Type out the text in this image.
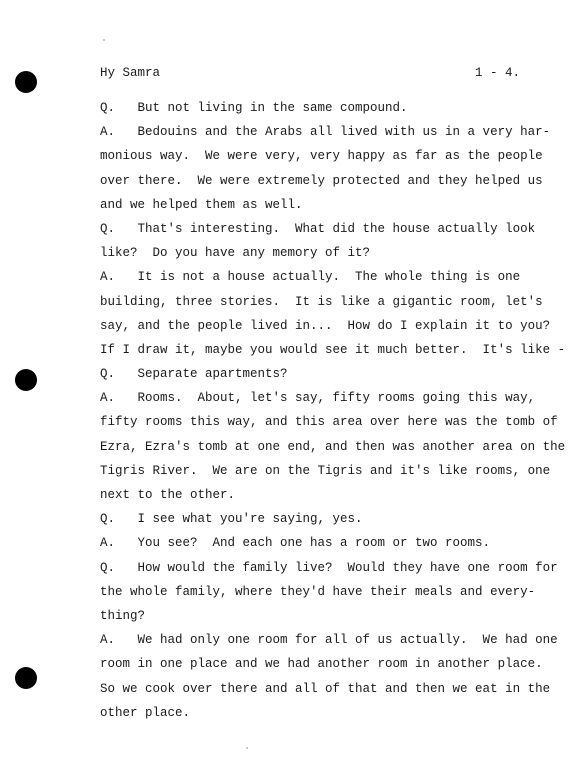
Hy Samra	1 - 4.
Q.   But not living in the same compound.
A.   Bedouins and the Arabs all lived with us in a very har-
monious way.  We were very, very happy as far as the people
over there.  We were extremely protected and they helped us
and we helped them as well.
Q.   That's interesting.  What did the house actually look
like?  Do you have any memory of it?
A.   It is not a house actually.  The whole thing is one
building, three stories.  It is like a gigantic room, let's
say, and the people lived in...  How do I explain it to you?
If I draw it, maybe you would see it much better.  It's like -
Q.   Separate apartments?
A.   Rooms.  About, let's say, fifty rooms going this way,
fifty rooms this way, and this area over here was the tomb of
Ezra, Ezra's tomb at one end, and then was another area on the
Tigris River.  We are on the Tigris and it's like rooms, one
next to the other.
Q.   I see what you're saying, yes.
A.   You see?  And each one has a room or two rooms.
Q.   How would the family live?  Would they have one room for
the whole family, where they'd have their meals and every-
thing?
A.   We had only one room for all of us actually.  We had one
room in one place and we had another room in another place.
So we cook over there and all of that and then we eat in the
other place.
